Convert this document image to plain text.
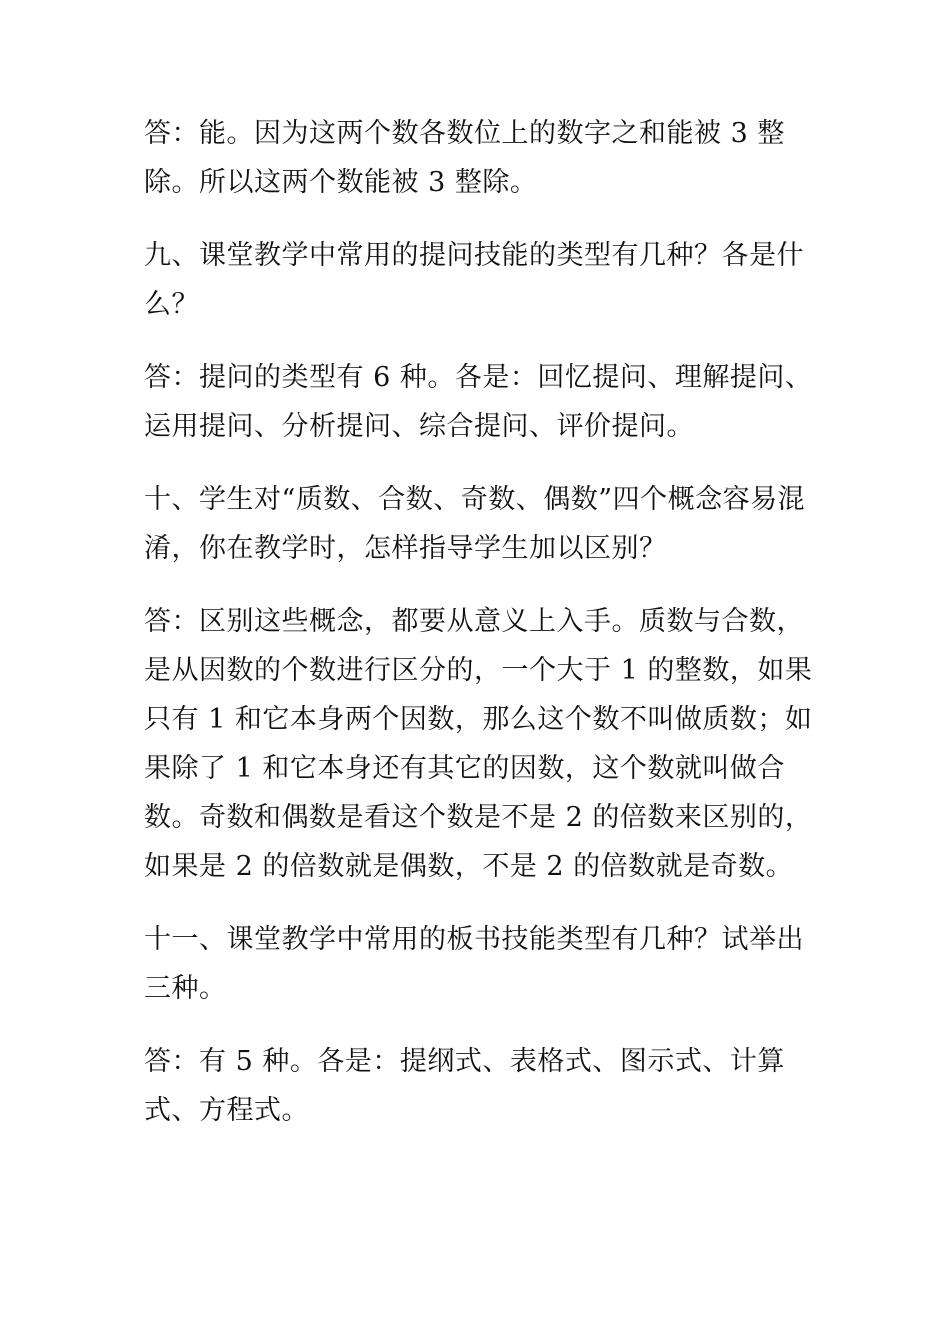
答：能。因为这两个数各数位上的数字之和能被 3 整除。所以这两个数能被 3 整除。

九、课堂教学中常用的提问技能的类型有几种？各是什么？

答：提问的类型有 6 种。各是：回忆提问、理解提问、运用提问、分析提问、综合提问、评价提问。

十、学生对“质数、合数、奇数、偶数”四个概念容易混淆，你在教学时，怎样指导学生加以区别？

答：区别这些概念，都要从意义上入手。质数与合数，是从因数的个数进行区分的，一个大于 1 的整数，如果只有 1 和它本身两个因数，那么这个数不叫做质数；如果除了 1 和它本身还有其它的因数，这个数就叫做合数。奇数和偶数是看这个数是不是 2 的倍数来区别的，如果是 2 的倍数就是偶数，不是 2 的倍数就是奇数。

十一、课堂教学中常用的板书技能类型有几种？试举出三种。

答：有 5 种。各是：提纲式、表格式、图示式、计算式、方程式。
